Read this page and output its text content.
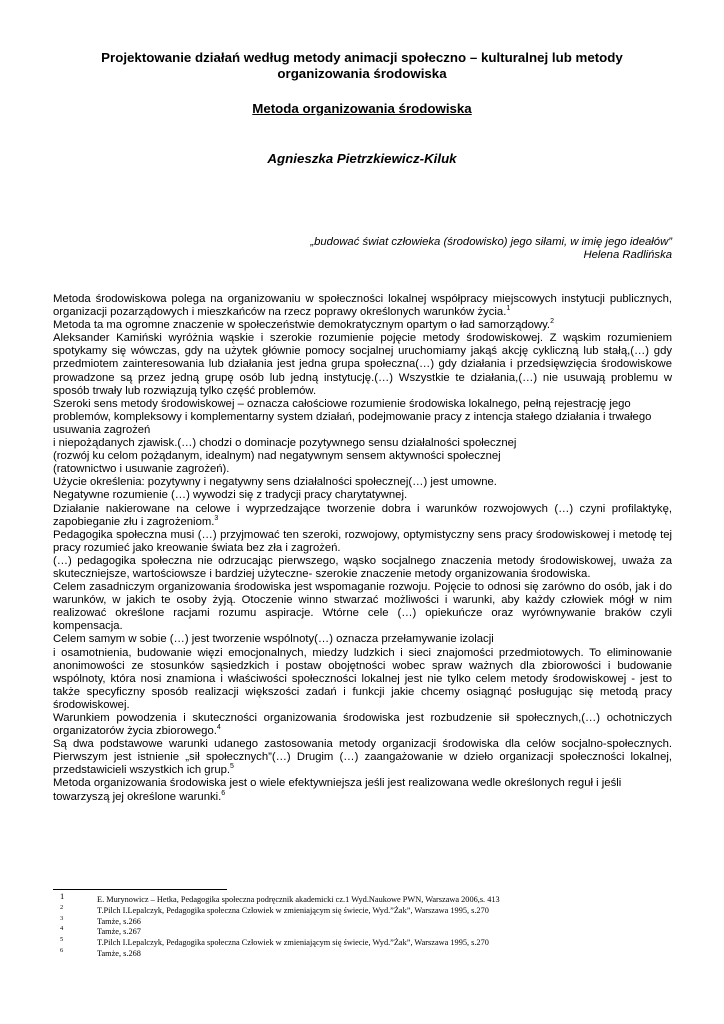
Projektowanie działań według metody animacji społeczno – kulturalnej lub metody
organizowania środowiska
Metoda organizowania środowiska
Agnieszka Pietrzkiewicz-Kiluk
„budować świat człowieka (środowisko) jego siłami, w imię jego ideałów”
Helena Radlińska

Metoda środowiskowa polega na organizowaniu w społeczności lokalnej współpracy miejscowych instytucji publicznych, organizacji pozarządowych i mieszkańców na rzecz poprawy określonych warunków życia.$^1$

Metoda ta ma ogromne znaczenie w społeczeństwie demokratycznym opartym o ład samorządowy.$^2$

Aleksander Kamiński wyróżnia wąskie i szerokie rozumienie pojęcie metody środowiskowej. Z wąskim rozumieniem spotykamy się wówczas, gdy na użytek głównie pomocy socjalnej uruchomiamy jakąś akcję cykliczną lub stałą,(…) gdy przedmiotem zainteresowania lub działania jest jedna grupa społeczna(…) gdy działania i przedsięwzięcia środowiskowe prowadzone są przez jedną grupę osób lub jedną instytucję.(…) Wszystkie te działania,(…) nie usuwają problemu w sposób trwały lub rozwiązują tylko część problemów.

Szeroki sens metody środowiskowej – oznacza całościowe rozumienie środowiska lokalnego, pełną rejestrację jego problemów, kompleksowy i komplementarny system działań, podejmowanie pracy z intencja stałego działania i trwałego usuwania zagrożeń

i niepożądanych zjawisk.(…) chodzi o dominacje pozytywnego sensu działalności społecznej

(rozwój ku celom pożądanym, idealnym) nad negatywnym sensem aktywności społecznej

(ratownictwo i usuwanie zagrożeń).

Użycie określenia: pozytywny i negatywny sens działalności społecznej(…) jest umowne.

Negatywne rozumienie (…) wywodzi się z tradycji pracy charytatywnej.

Działanie nakierowane na celowe i wyprzedzające tworzenie dobra i warunków rozwojowych (…) czyni profilaktykę, zapobieganie złu i zagrożeniom.$^3$

Pedagogika społeczna musi (…) przyjmować ten szeroki, rozwojowy, optymistyczny sens pracy środowiskowej i metodę tej pracy rozumieć jako kreowanie świata bez zła i zagrożeń.

(…) pedagogika społeczna nie odrzucając pierwszego, wąsko socjalnego znaczenia metody środowiskowej, uważa za skuteczniejsze, wartościowsze i bardziej użyteczne- szerokie znaczenie metody organizowania środowiska.

Celem zasadniczym organizowania środowiska jest wspomaganie rozwoju. Pojęcie to odnosi się zarówno do osób, jak i do warunków, w jakich te osoby żyją. Otoczenie winno stwarzać możliwości i warunki, aby każdy człowiek mógł w nim realizować określone racjami rozumu aspiracje. Wtórne cele (…) opiekuńcze oraz wyrównywanie braków czyli kompensacja.

Celem samym w sobie (…) jest tworzenie wspólnoty(…) oznacza przełamywanie izolacji

i osamotnienia, budowanie więzi emocjonalnych, miedzy ludzkich i sieci znajomości przedmiotowych. To eliminowanie anonimowości ze stosunków sąsiedzkich i postaw obojętności wobec spraw ważnych dla zbiorowości i budowanie wspólnoty, która nosi znamiona i właściwości społeczności lokalnej jest nie tylko celem metody środowiskowej - jest to także specyficzny sposób realizacji większości zadań i funkcji jakie chcemy osiągnąć posługując się metodą pracy środowiskowej.

Warunkiem powodzenia i skuteczności organizowania środowiska jest rozbudzenie sił społecznych,(…) ochotniczych organizatorów życia zbiorowego.$^4$

Są dwa podstawowe warunki udanego zastosowania metody organizacji środowiska dla celów socjalno-społecznych. Pierwszym jest istnienie „sił społecznych”(…) Drugim (…) zaangażowanie w dzieło organizacji społeczności lokalnej, przedstawicieli wszystkich ich grup.$^5$

Metoda organizowania środowiska jest o wiele efektywniejsza jeśli jest realizowana wedle określonych reguł i jeśli towarzyszą jej określone warunki.$^6$

1	E. Murynowicz – Hetka, Pedagogika społeczna podręcznik akademicki cz.1 Wyd.Naukowe PWN, Warszawa 2006,s. 413
2	T.Pilch I.Lepalczyk, Pedagogika społeczna Człowiek w zmieniającym się świecie, Wyd.”Żak”, Warszawa 1995, s.270
3	Tamże, s.266
4	Tamże, s.267
5	T.Pilch I.Lepalczyk, Pedagogika społeczna Człowiek w zmieniającym się świecie, Wyd.”Żak”, Warszawa 1995, s.270
6	Tamże, s.268
